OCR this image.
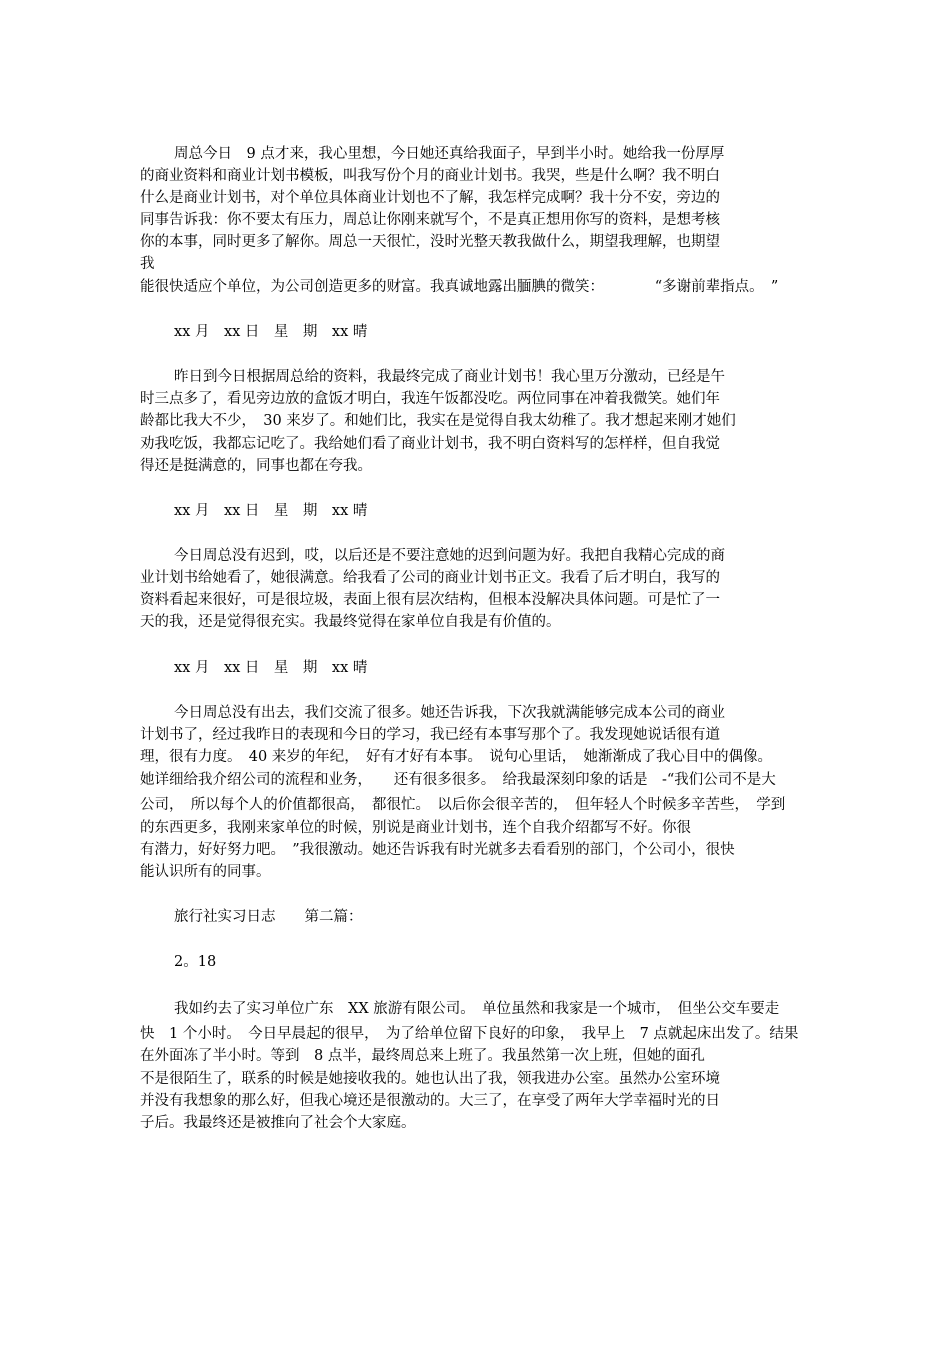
周总今日　9 点才来，我心里想，今日她还真给我面子，早到半小时。她给我一份厚厚
的商业资料和商业计划书模板，叫我写份个月的商业计划书。我哭，些是什么啊？我不明白
什么是商业计划书，对个单位具体商业计划也不了解，我怎样完成啊？我十分不安，旁边的
同事告诉我：你不要太有压力，周总让你刚来就写个，不是真正想用你写的资料，是想考核
你的本事，同时更多了解你。周总一天很忙，没时光整天教我做什么，期望我理解，也期望
我
能很快适应个单位，为公司创造更多的财富。我真诚地露出腼腆的微笑：　　　　“多谢前辈指点。　”
xx 月　xx 日　星　期　xx 晴
昨日到今日根据周总给的资料，我最终完成了商业计划书！我心里万分激动，已经是午
时三点多了，看见旁边放的盒饭才明白，我连午饭都没吃。两位同事在冲着我微笑。她们年
龄都比我大不少，　30 来岁了。和她们比，我实在是觉得自我太幼稚了。我才想起来刚才她们
劝我吃饭，我都忘记吃了。我给她们看了商业计划书，我不明白资料写的怎样样，但自我觉
得还是挺满意的，同事也都在夸我。
xx 月　xx 日　星　期　xx 晴
今日周总没有迟到，哎，以后还是不要注意她的迟到问题为好。我把自我精心完成的商
业计划书给她看了，她很满意。给我看了公司的商业计划书正文。我看了后才明白，我写的
资料看起来很好，可是很垃圾，表面上很有层次结构，但根本没解决具体问题。可是忙了一
天的我，还是觉得很充实。我最终觉得在家单位自我是有价值的。
xx 月　xx 日　星　期　xx 晴
今日周总没有出去，我们交流了很多。她还告诉我，下次我就满能够完成本公司的商业
计划书了，经过我昨日的表现和今日的学习，我已经有本事写那个了。我发现她说话很有道
理，很有力度。　40 来岁的年纪，　好有才好有本事。　说句心里话，　她渐渐成了我心目中的偶像。
她详细给我介绍公司的流程和业务，　　还有很多很多。　给我最深刻印象的话是　-“我们公司不是大
公司，　所以每个人的价值都很高，　都很忙。　以后你会很辛苦的，　但年轻人个时候多辛苦些，　学到
的东西更多，我刚来家单位的时候，别说是商业计划书，连个自我介绍都写不好。你很
有潜力，好好努力吧。　”我很激动。她还告诉我有时光就多去看看别的部门，个公司小，很快
能认识所有的同事。
旅行社实习日志　　第二篇：
2。18
我如约去了实习单位广东　XX 旅游有限公司。　单位虽然和我家是一个城市，　但坐公交车要走
快　1 个小时。　今日早晨起的很早，　为了给单位留下良好的印象，　我早上　7 点就起床出发了。结果
在外面冻了半小时。等到　8 点半，最终周总来上班了。我虽然第一次上班，但她的面孔
不是很陌生了，联系的时候是她接收我的。她也认出了我，领我进办公室。虽然办公室环境
并没有我想象的那么好，但我心境还是很激动的。大三了，在享受了两年大学幸福时光的日
子后。我最终还是被推向了社会个大家庭。
